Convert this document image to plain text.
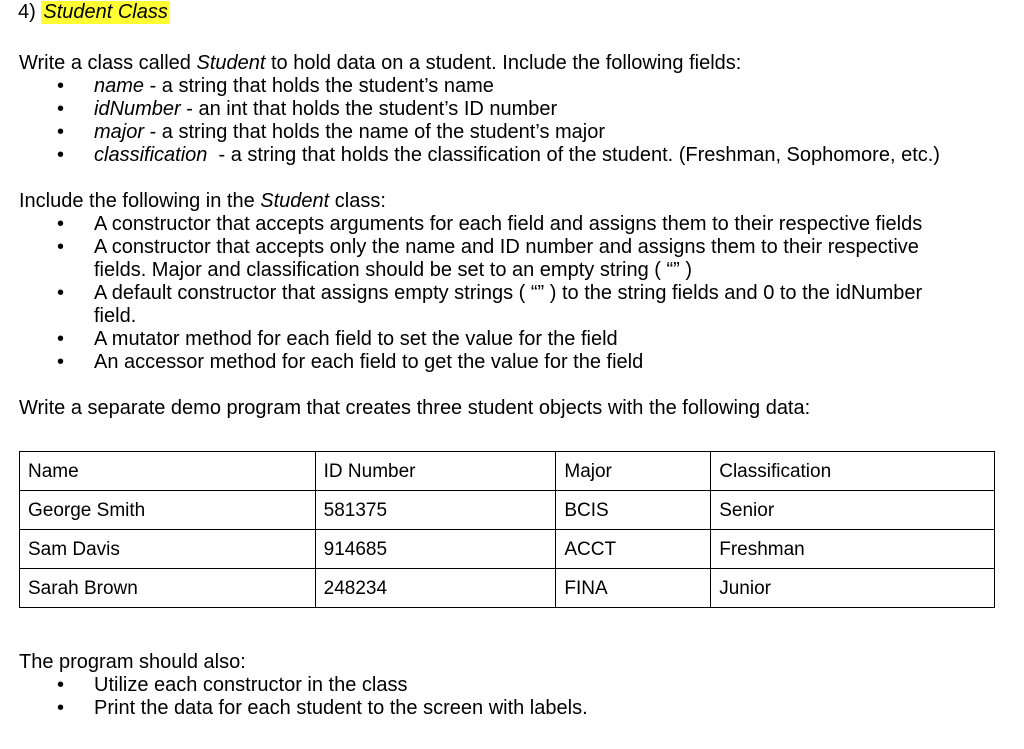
4) Student Class
Write a class called Student to hold data on a student. Include the following fields:
• name - a string that holds the student’s name
• idNumber - an int that holds the student’s ID number
• major - a string that holds the name of the student’s major
• classification  - a string that holds the classification of the student. (Freshman, Sophomore, etc.)
Include the following in the Student class:
• A constructor that accepts arguments for each field and assigns them to their respective fields
• A constructor that accepts only the name and ID number and assigns them to their respective fields. Major and classification should be set to an empty string ( “” )
• A default constructor that assigns empty strings ( “” ) to the string fields and 0 to the idNumber field.
• A mutator method for each field to set the value for the field
• An accessor method for each field to get the value for the field
Write a separate demo program that creates three student objects with the following data:
Name	ID Number	Major	Classification
George Smith	581375	BCIS	Senior
Sam Davis	914685	ACCT	Freshman
Sarah Brown	248234	FINA	Junior
The program should also:
• Utilize each constructor in the class
• Print the data for each student to the screen with labels.
